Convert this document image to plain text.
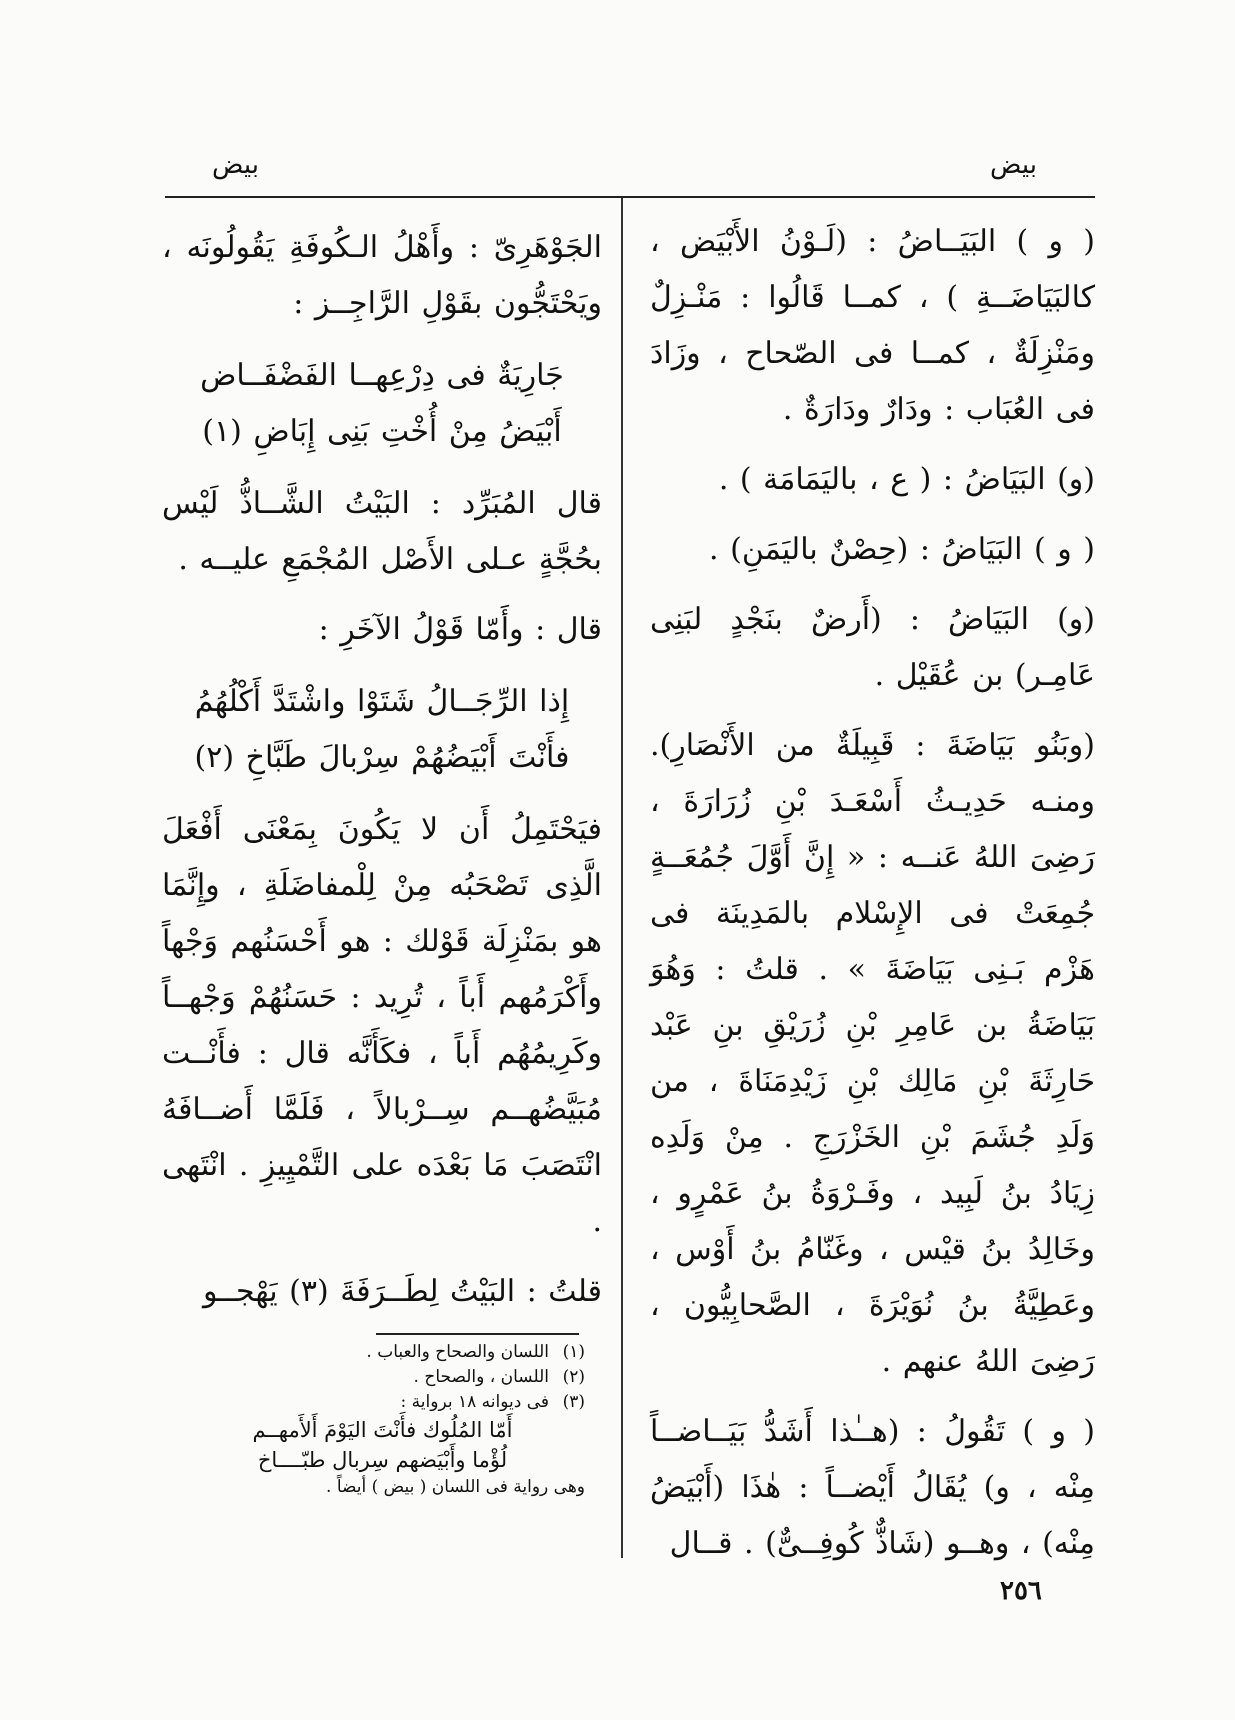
بيض
بيض

( و ) البَيَــاضُ : (لَـوْنُ الأَبْيَض ، كالبَيَاضَــةِ ) ، كمــا قَالُوا : مَنْـزِلٌ ومَنْزِلَةٌ ، كمــا فى الصّحاح ، وزَادَ فى العُبَاب : ودَارٌ ودَارَةٌ .

(و) البَيَاضُ : ( ع ، باليَمَامَة ) .

( و ) البَيَاضُ : (حِصْنٌ باليَمَنِ) .

(و) البَيَاضُ : (أَرضٌ بنَجْدٍ لبَنِى عَامِـر) بن عُقَيْل .

(وبَنُو بَيَاضَةَ : قَبِيلَةٌ من الأَنْصَارِ). ومنـه حَدِيـثُ أَسْعَـدَ بْنِ زُرَارَةَ ، رَضِىَ اللهُ عَنــه : « إِنَّ أَوَّلَ جُمُعَــةٍ جُمِعَتْ فى الإِسْلام بالمَدِينَة فى هَزْم بَـنِى بَيَاضَةَ » . قلتُ : وَهُوَ بَيَاضَةُ بن عَامِرِ بْنِ زُرَيْقِ بنِ عَبْد حَارِثَةَ بْنِ مَالِك بْنِ زَيْدِمَنَاةَ ، من وَلَدِ جُشَمَ بْنِ الخَزْرَجِ . مِنْ وَلَدِه زِيَادُ بنُ لَبِيد ، وفَـرْوَةُ بنُ عَمْرٍو ، وخَالِدُ بنُ قيْس ، وغَنّامُ بنُ أَوْس ، وعَطِيَّةُ بنُ نُوَيْرَةَ ، الصَّحابِيُّون ، رَضِىَ اللهُ عنهم .

( و ) تَقُولُ : (هــٰذا أَشَدُّ بَيَــاضــاً مِنْه ، و) يُقَالُ أَيْضــاً : هٰذَا (أَبْيَضُ مِنْه) ، وهــو (شَاذٌّ كُوفِــىٌّ) . قــال

الجَوْهَرِىّ : وأَهْلُ الـكُوفَةِ يَقُولُونَه ، ويَحْتَجُّون بقَوْلِ الرَّاجِــز :

جَارِيَةٌ فى دِرْعِهــا الفَضْفَــاض
أَبْيَضُ مِنْ أُخْتِ بَنِى إِبَاضِ (١)

قال المُبَرِّد : البَيْتُ الشَّــاذُّ لَيْس بحُجَّةٍ عـلى الأَصْل المُجْمَعِ عليــه .

قال : وأَمّا قَوْلُ الآخَرِ :

إِذا الرِّجَــالُ شَتَوْا واشْتَدَّ أَكْلُهُمُ
فأَنْتَ أَبْيَضُهُمْ سِرْبالَ طَبَّاخِ (٢)

فيَحْتَمِلُ أَن لا يَكُونَ بِمَعْنَى أَفْعَلَ الَّذِى تَصْحَبُه مِنْ لِلْمفاضَلَةِ ، وإِنَّمَا هو بمَنْزِلَة قَوْلك : هو أَحْسَنُهم وَجْهاً وأَكْرَمُهم أَباً ، تُرِيد : حَسَنُهُمْ وَجْهــاً وكَرِيمُهُم أَباً ، فكَأَنَّه قال : فأَنْــت مُبَيَّضُهــم سِــرْبالاً ، فَلَمَّا أَضــافَهُ انْتَصَبَ مَا بَعْدَه على التَّمْيِيزِ . انْتَهى .

قلتُ : البَيْتُ لِطَــرَفَةَ (٣) يَهْجــو

(١)اللسان والصحاح والعباب .
(٢)اللسان ، والصحاح .
(٣)فى ديوانه ١٨ برواية :
أَمّا المُلُوك فأَنْتَ اليَوْمَ أَلأَمهــم
لُؤْما وأَبْيَضهم سِربال طبّــــاخ
وهى رواية فى اللسان ( بيض ) أيضاً .
٢٥٦
